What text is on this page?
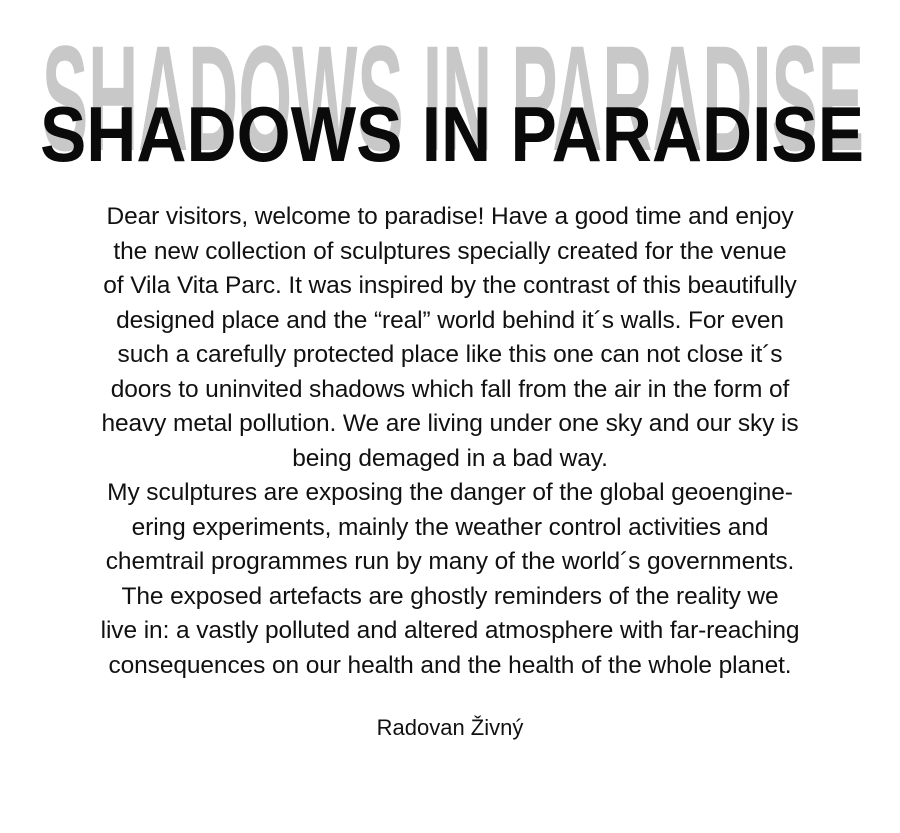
SHADOWS IN PARADISE
SHADOWS IN PARADISE

Dear visitors, welcome to paradise! Have a good time and enjoy
the new collection of sculptures specially created for the venue
of Vila Vita Parc. It was inspired by the contrast of this beautifully
designed place and the “real” world behind it´s walls. For even
such a carefully protected place like this one can not close it´s
doors to uninvited shadows which fall from the air in the form of
heavy metal pollution. We are living under one sky and our sky is
being demaged in a bad way.
My sculptures are exposing the danger of the global geoengine-
ering experiments, mainly the weather control activities and
chemtrail programmes run by many of the world´s governments.
The exposed artefacts are ghostly reminders of the reality we
live in: a vastly polluted and altered atmosphere with far-reaching
consequences on our health and the health of the whole planet.

Radovan Živný
